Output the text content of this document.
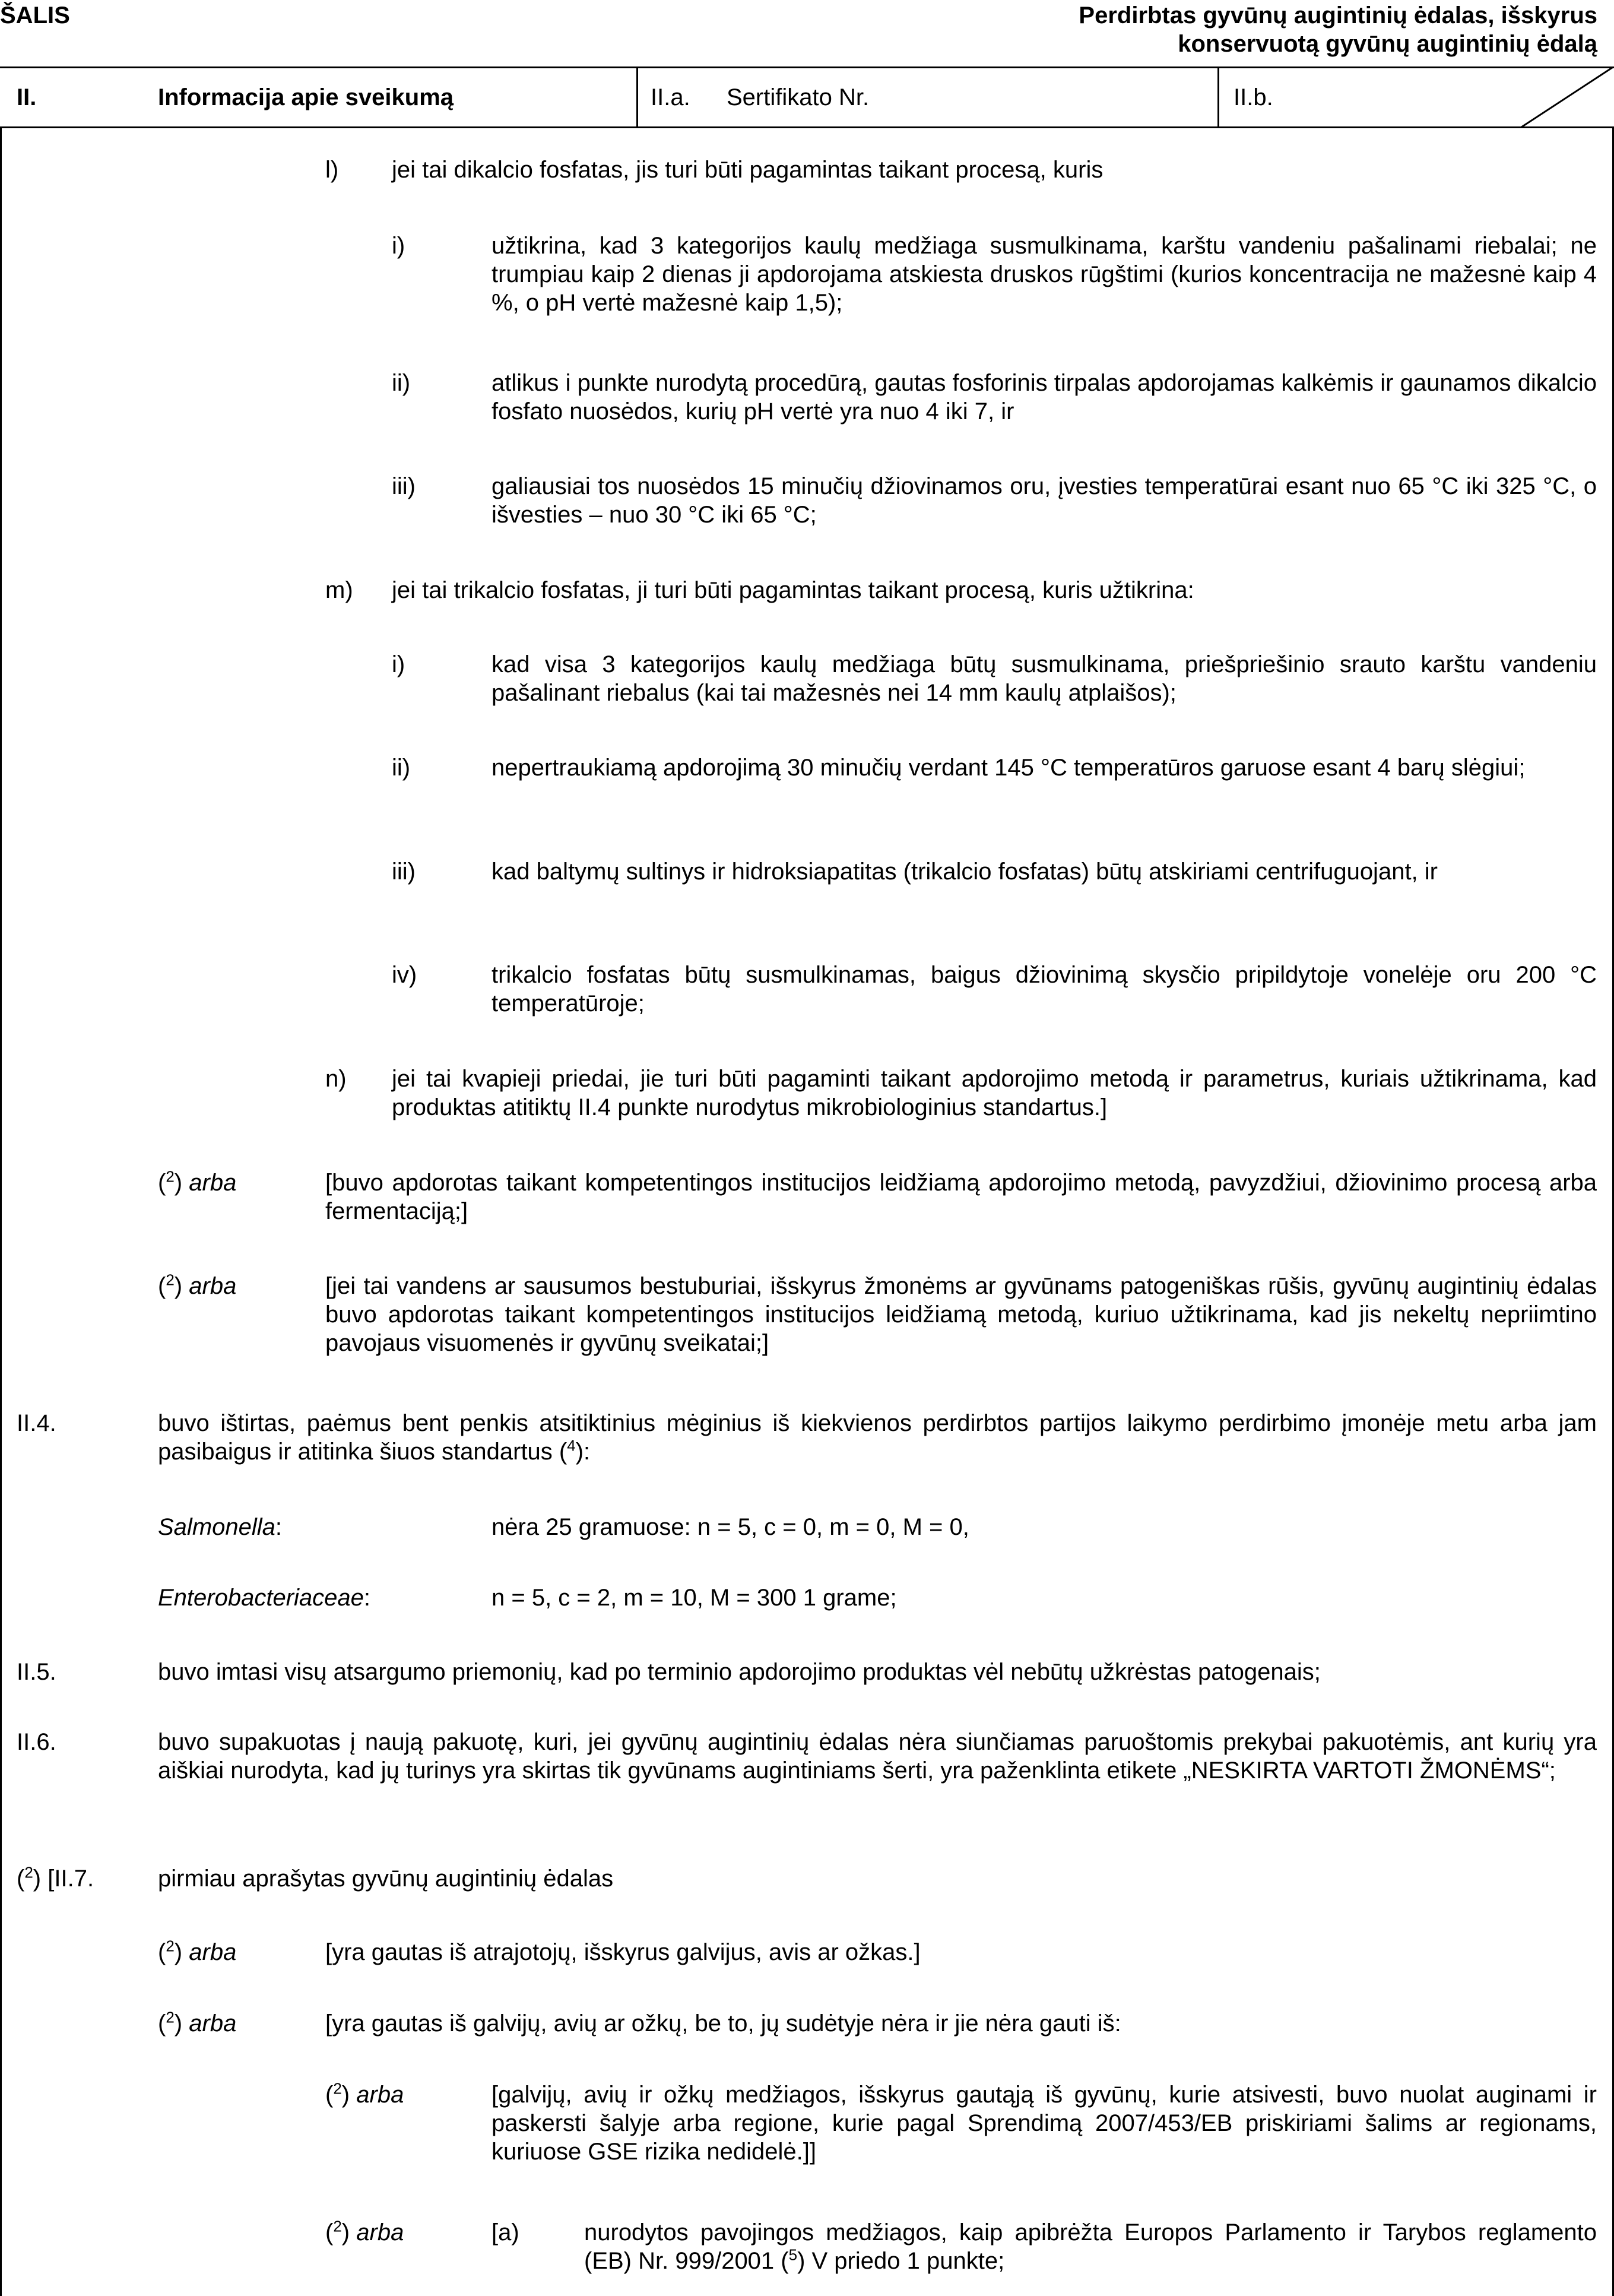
ŠALIS	Perdirbtas gyvūnų augintinių ėdalas, išskyrus
konservuotą gyvūnų augintinių ėdalą
II.	Informacija apie sveikumą	II.a. Sertifikato Nr.	II.b.
l) jei tai dikalcio fosfatas, jis turi būti pagamintas taikant procesą, kuris
i)	užtikrina, kad 3 kategorijos kaulų medžiaga susmulkinama, karštu vandeniu pašalinami riebalai; ne trumpiau kaip 2 dienas ji apdorojama atskiesta druskos rūgštimi (kurios koncentracija ne mažesnė kaip 4 %, o pH vertė mažesnė kaip 1,5);
ii)	atlikus i punkte nurodytą procedūrą, gautas fosforinis tirpalas apdorojamas kalkėmis ir gaunamos dikalcio fosfato nuosėdos, kurių pH vertė yra nuo 4 iki 7, ir
iii)	galiausiai tos nuosėdos 15 minučių džiovinamos oru, įvesties temperatūrai esant nuo 65 °C iki 325 °C, o išvesties – nuo 30 °C iki 65 °C;
m) jei tai trikalcio fosfatas, ji turi būti pagamintas taikant procesą, kuris užtikrina:
i)	kad visa 3 kategorijos kaulų medžiaga būtų susmulkinama, priešpriešinio srauto karštu vandeniu pašalinant riebalus (kai tai mažesnės nei 14 mm kaulų atplaišos);
ii)	nepertraukiamą apdorojimą 30 minučių verdant 145 °C temperatūros garuose esant 4 barų slėgiui;
iii)	kad baltymų sultinys ir hidroksiapatitas (trikalcio fosfatas) būtų atskiriami centrifuguojant, ir
iv)	trikalcio fosfatas būtų susmulkinamas, baigus džiovinimą skysčio pripildytoje vonelėje oru 200 °C temperatūroje;
n) jei tai kvapieji priedai, jie turi būti pagaminti taikant apdorojimo metodą ir parametrus, kuriais užtikrinama, kad produktas atitiktų II.4 punkte nurodytus mikrobiologinius standartus.]
($^2$) arba	[buvo apdorotas taikant kompetentingos institucijos leidžiamą apdorojimo metodą, pavyzdžiui, džiovinimo procesą arba fermentaciją;]
($^2$) arba	[jei tai vandens ar sausumos bestuburiai, išskyrus žmonėms ar gyvūnams patogeniškas rūšis, gyvūnų augintinių ėdalas buvo apdorotas taikant kompetentingos institucijos leidžiamą metodą, kuriuo užtikrinama, kad jis nekeltų nepriimtino pavojaus visuomenės ir gyvūnų sveikatai;]
II.4.	buvo ištirtas, paėmus bent penkis atsitiktinius mėginius iš kiekvienos perdirbtos partijos laikymo perdirbimo įmonėje metu arba jam pasibaigus ir atitinka šiuos standartus ($^4$):
Salmonella:	nėra 25 gramuose: n = 5, c = 0, m = 0, M = 0,
Enterobacteriaceae:	n = 5, c = 2, m = 10, M = 300 1 grame;
II.5.	buvo imtasi visų atsargumo priemonių, kad po terminio apdorojimo produktas vėl nebūtų užkrėstas patogenais;
II.6.	buvo supakuotas į naują pakuotę, kuri, jei gyvūnų augintinių ėdalas nėra siunčiamas paruoštomis prekybai pakuotėmis, ant kurių yra aiškiai nurodyta, kad jų turinys yra skirtas tik gyvūnams augintiniams šerti, yra paženklinta etikete „NESKIRTA VARTOTI ŽMONĖMS“;
($^2$) [II.7.	pirmiau aprašytas gyvūnų augintinių ėdalas
($^2$) arba	[yra gautas iš atrajotojų, išskyrus galvijus, avis ar ožkas.]
($^2$) arba	[yra gautas iš galvijų, avių ar ožkų, be to, jų sudėtyje nėra ir jie nėra gauti iš:
($^2$) arba	[galvijų, avių ir ožkų medžiagos, išskyrus gautąją iš gyvūnų, kurie atsivesti, buvo nuolat auginami ir paskersti šalyje arba regione, kurie pagal Sprendimą 2007/453/EB priskiriami šalims ar regionams, kuriuose GSE rizika nedidelė.]]
($^2$) arba	[a)	nurodytos pavojingos medžiagos, kaip apibrėžta Europos Parlamento ir Tarybos reglamento (EB) Nr. 999/2001 ($^5$) V priedo 1 punkte;
